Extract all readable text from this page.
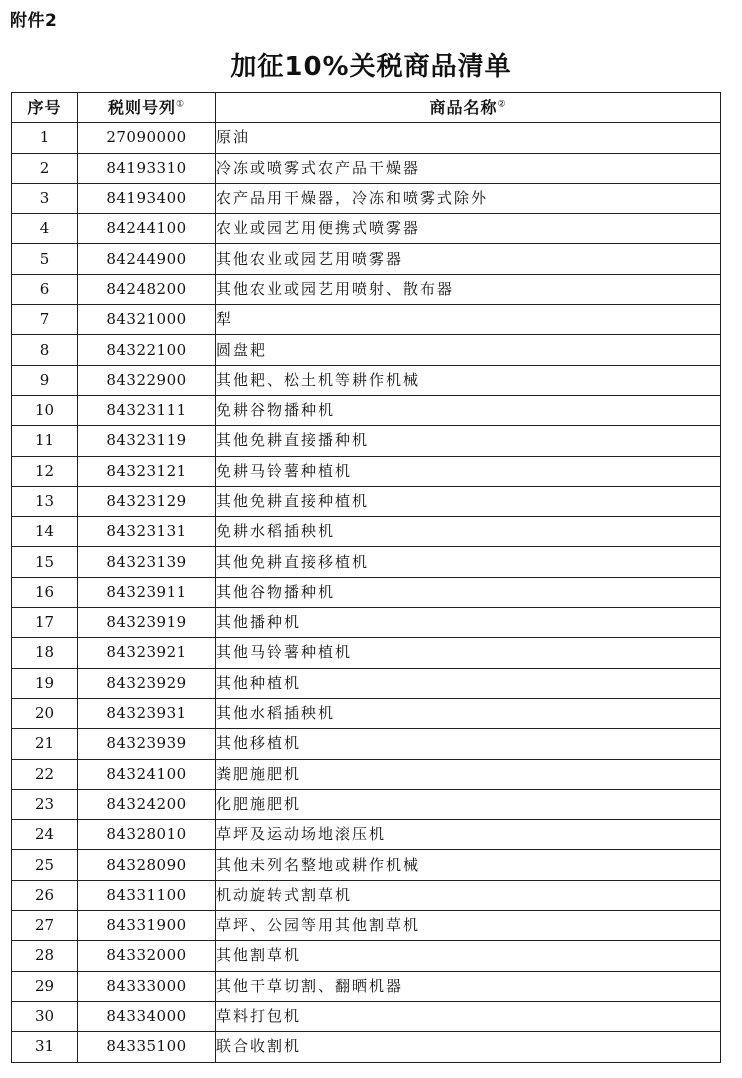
附件2
加征10%关税商品清单
序号	税则号列①	商品名称②
1	27090000	原油
2	84193310	冷冻或喷雾式农产品干燥器
3	84193400	农产品用干燥器，冷冻和喷雾式除外
4	84244100	农业或园艺用便携式喷雾器
5	84244900	其他农业或园艺用喷雾器
6	84248200	其他农业或园艺用喷射、散布器
7	84321000	犁
8	84322100	圆盘耙
9	84322900	其他耙、松土机等耕作机械
10	84323111	免耕谷物播种机
11	84323119	其他免耕直接播种机
12	84323121	免耕马铃薯种植机
13	84323129	其他免耕直接种植机
14	84323131	免耕水稻插秧机
15	84323139	其他免耕直接移植机
16	84323911	其他谷物播种机
17	84323919	其他播种机
18	84323921	其他马铃薯种植机
19	84323929	其他种植机
20	84323931	其他水稻插秧机
21	84323939	其他移植机
22	84324100	粪肥施肥机
23	84324200	化肥施肥机
24	84328010	草坪及运动场地滚压机
25	84328090	其他未列名整地或耕作机械
26	84331100	机动旋转式割草机
27	84331900	草坪、公园等用其他割草机
28	84332000	其他割草机
29	84333000	其他干草切割、翻晒机器
30	84334000	草料打包机
31	84335100	联合收割机
